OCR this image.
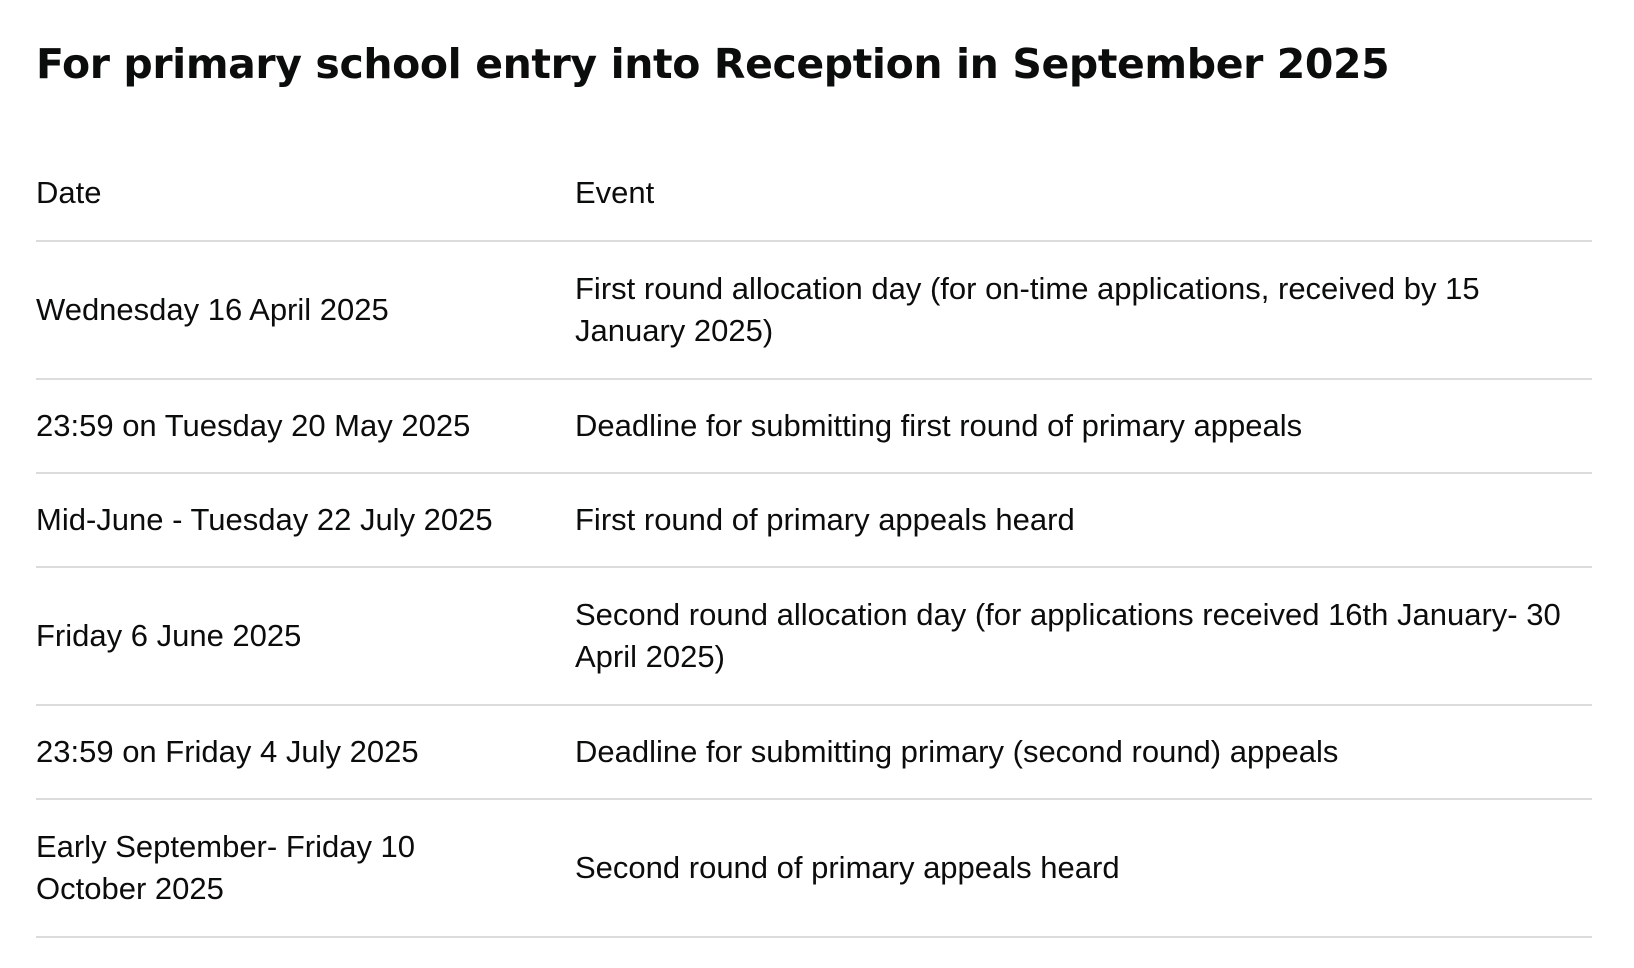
For primary school entry into Reception in September 2025
Date	Event
Wednesday 16 April 2025	First round allocation day (for on-time applications, received by 15 January 2025)
23:59 on Tuesday 20 May 2025	Deadline for submitting first round of primary appeals
Mid-June - Tuesday 22 July 2025	First round of primary appeals heard
Friday 6 June 2025	Second round allocation day (for applications received 16th January- 30 April 2025)
23:59 on Friday 4 July 2025	Deadline for submitting primary (second round) appeals
Early September- Friday 10 October 2025	Second round of primary appeals heard
